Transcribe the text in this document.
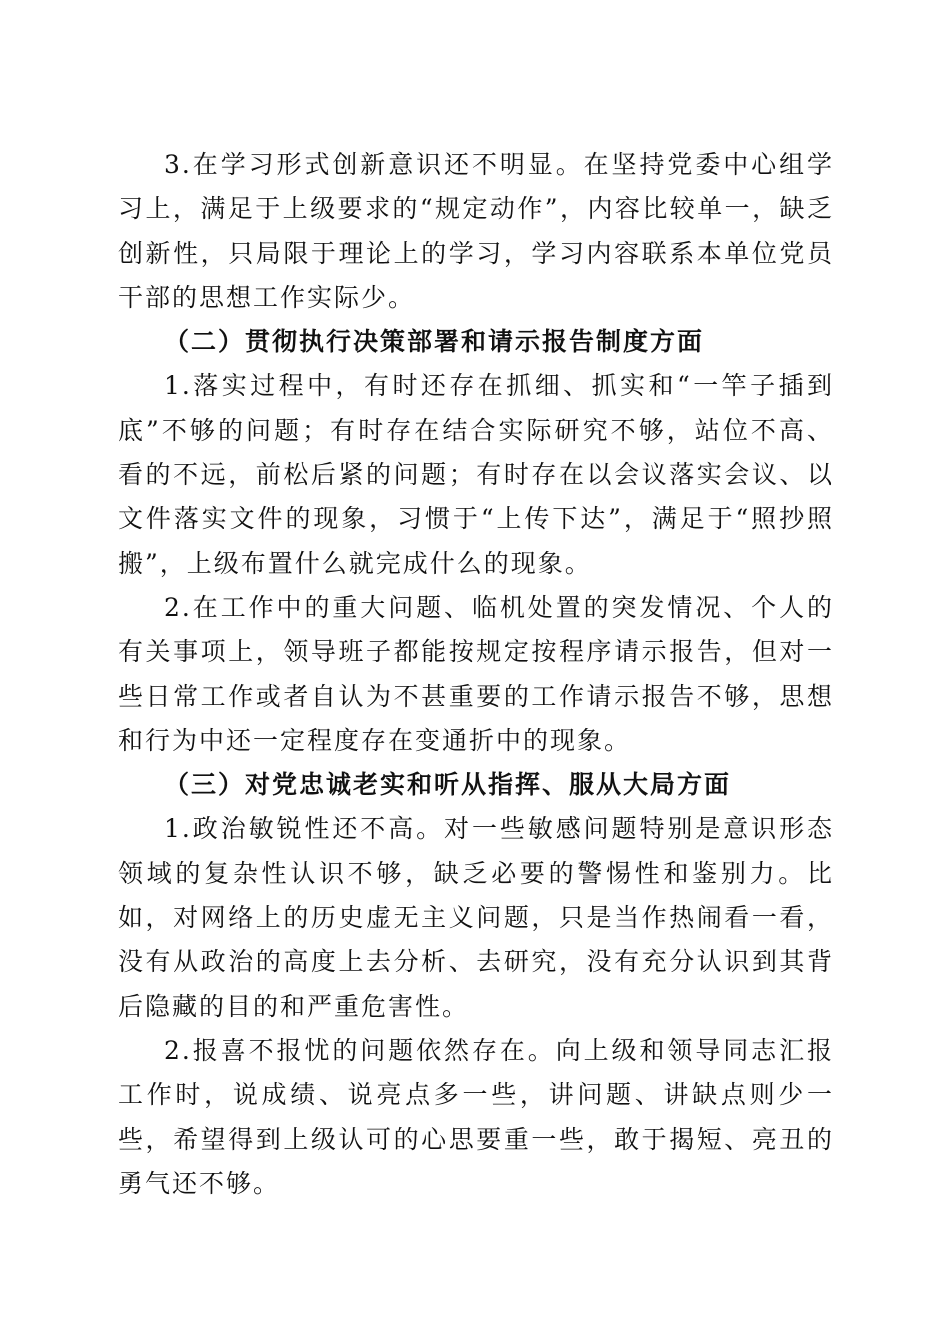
3.在学习形式创新意识还不明显。在坚持党委中心组学习上，满足于上级要求的“规定动作”，内容比较单一，缺乏创新性，只局限于理论上的学习，学习内容联系本单位党员干部的思想工作实际少。

（二）贯彻执行决策部署和请示报告制度方面

1.落实过程中，有时还存在抓细、抓实和“一竿子插到底”不够的问题；有时存在结合实际研究不够，站位不高、看的不远，前松后紧的问题；有时存在以会议落实会议、以文件落实文件的现象，习惯于“上传下达”，满足于“照抄照搬”，上级布置什么就完成什么的现象。

2.在工作中的重大问题、临机处置的突发情况、个人的有关事项上，领导班子都能按规定按程序请示报告，但对一些日常工作或者自认为不甚重要的工作请示报告不够，思想和行为中还一定程度存在变通折中的现象。

（三）对党忠诚老实和听从指挥、服从大局方面

1.政治敏锐性还不高。对一些敏感问题特别是意识形态领域的复杂性认识不够，缺乏必要的警惕性和鉴别力。比如，对网络上的历史虚无主义问题，只是当作热闹看一看，没有从政治的高度上去分析、去研究，没有充分认识到其背后隐藏的目的和严重危害性。

2.报喜不报忧的问题依然存在。向上级和领导同志汇报工作时，说成绩、说亮点多一些，讲问题、讲缺点则少一些，希望得到上级认可的心思要重一些，敢于揭短、亮丑的勇气还不够。
